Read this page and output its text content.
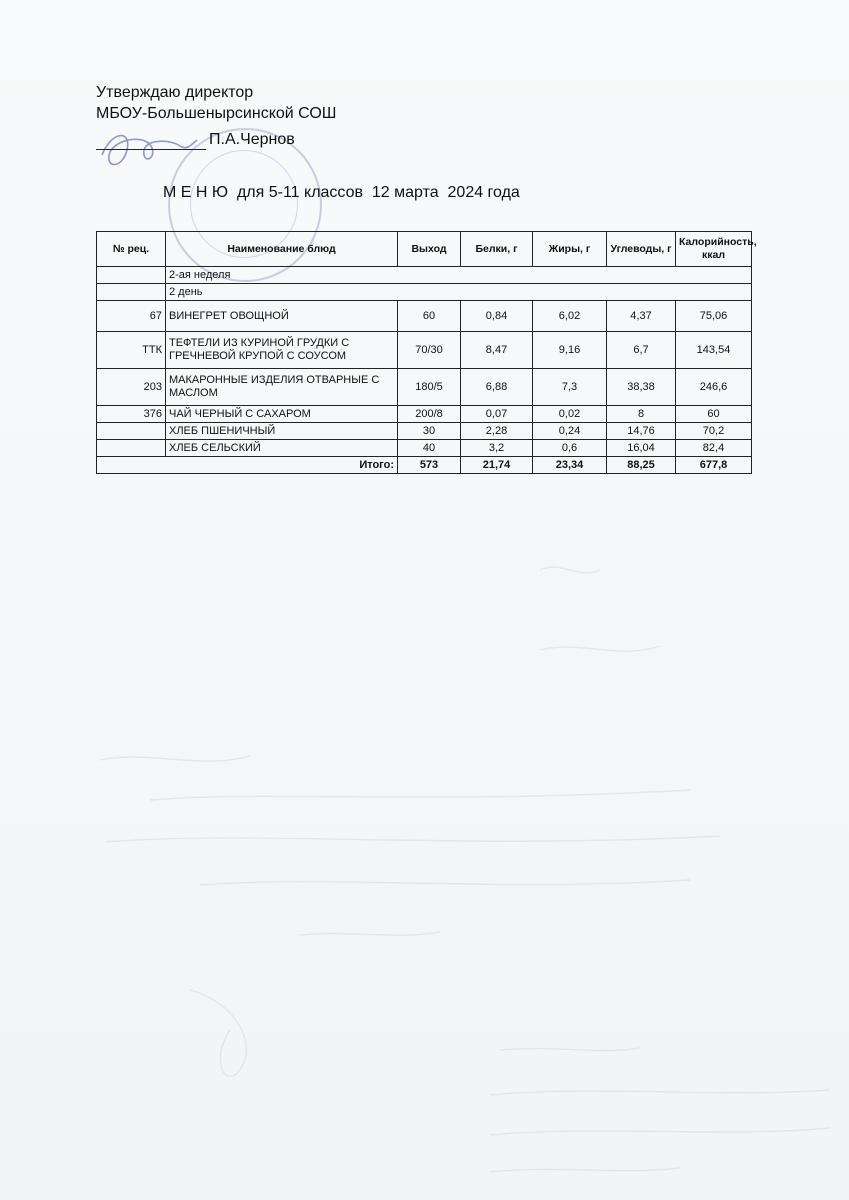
Утверждаю директор
МБОУ-Большеныpсинской СОШ
П.А.Чернов
М Е Н Ю  для 5-11 классов  12 марта  2024 года
№ рец.	Наименование блюд	Выход	Белки, г	Жиры, г	Углеводы, г	Калорийность, ккал
	2-ая неделя					
	2 день					
67	ВИНЕГРЕТ ОВОЩНОЙ	60	0,84	6,02	4,37	75,06
ТТК	ТЕФТЕЛИ ИЗ КУРИНОЙ ГРУДКИ С ГРЕЧНЕВОЙ КРУПОЙ С СОУСОМ	70/30	8,47	9,16	6,7	143,54
203	МАКАРОННЫЕ ИЗДЕЛИЯ ОТВАРНЫЕ С МАСЛОМ	180/5	6,88	7,3	38,38	246,6
376	ЧАЙ ЧЕРНЫЙ С САХАРОМ	200/8	0,07	0,02	8	60
	ХЛЕБ ПШЕНИЧНЫЙ	30	2,28	0,24	14,76	70,2
	ХЛЕБ СЕЛЬСКИЙ	40	3,2	0,6	16,04	82,4
Итого:		573	21,74	23,34	88,25	677,8
